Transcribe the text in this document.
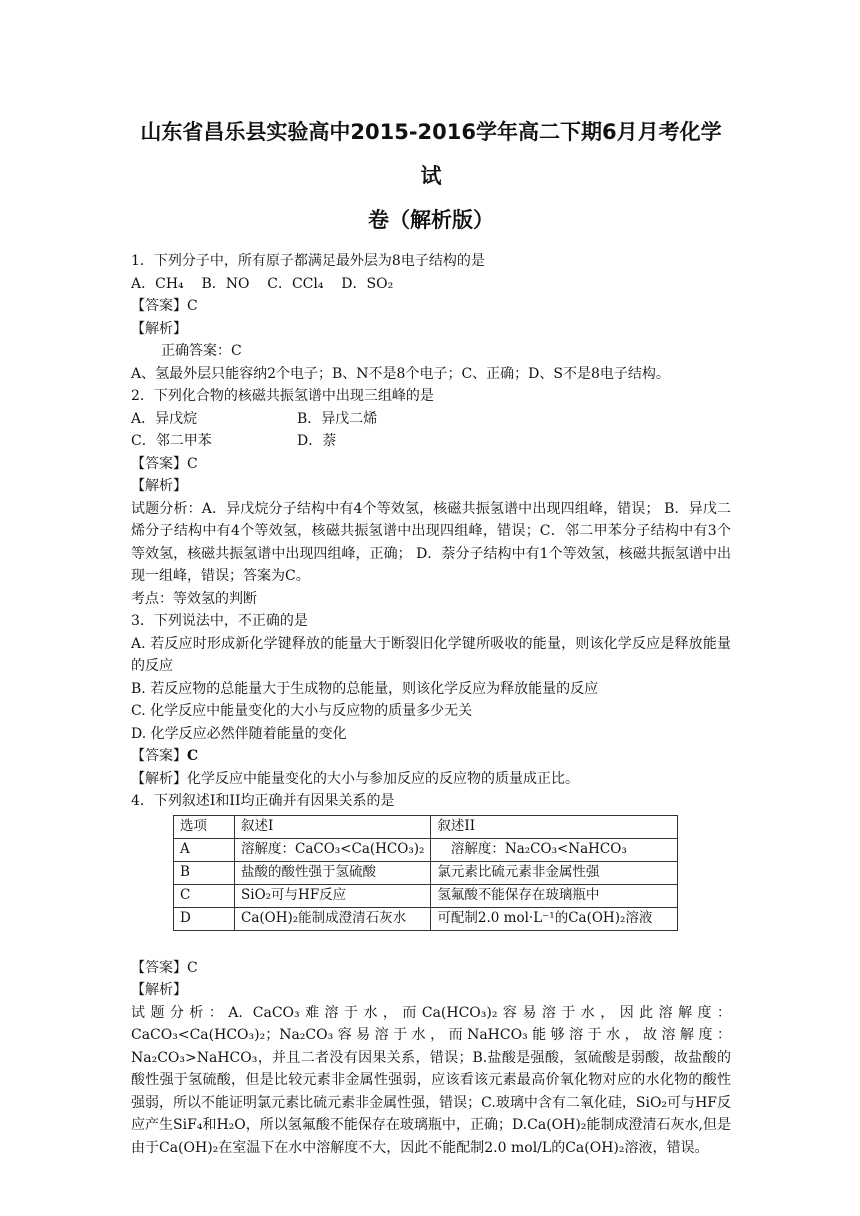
山东省昌乐县实验高中2015-2016学年高二下期6月月考化学试
卷（解析版）
1．下列分子中，所有原子都满足最外层为8电子结构的是
A．CH₄    B．NO    C．CCl₄    D．SO₂
【答案】C
【解析】
正确答案：C
A、氢最外层只能容纳2个电子；B、N不是8个电子；C、正确；D、S不是8电子结构。
2．下列化合物的核磁共振氢谱中出现三组峰的是
A．异戊烷	B．异戊二烯
C．邻二甲苯	D．萘
【答案】C
【解析】
试题分析：A．异戊烷分子结构中有4个等效氢，核磁共振氢谱中出现四组峰，错误； B．异戊二烯分子结构中有4个等效氢，核磁共振氢谱中出现四组峰，错误；C．邻二甲苯分子结构中有3个等效氢，核磁共振氢谱中出现四组峰，正确； D．萘分子结构中有1个等效氢，核磁共振氢谱中出现一组峰，错误；答案为C。
考点：等效氢的判断
3．下列说法中，不正确的是
A. 若反应时形成新化学键释放的能量大于断裂旧化学键所吸收的能量，则该化学反应是释放能量的反应
B. 若反应物的总能量大于生成物的总能量，则该化学反应为释放能量的反应
C. 化学反应中能量变化的大小与反应物的质量多少无关
D. 化学反应必然伴随着能量的变化
【答案】C
【解析】化学反应中能量变化的大小与参加反应的反应物的质量成正比。
4．下列叙述I和II均正确并有因果关系的是
选项	叙述I	叙述II
A	溶解度：CaCO₃<Ca(HCO₃)₂	　溶解度：Na₂CO₃<NaHCO₃
B	盐酸的酸性强于氢硫酸	氯元素比硫元素非金属性强
C	SiO₂可与HF反应	氢氟酸不能保存在玻璃瓶中
D	Ca(OH)₂能制成澄清石灰水	可配制2.0 mol·L⁻¹的Ca(OH)₂溶液
【答案】C
【解析】
试题分析：A. CaCO₃难溶于水，而Ca(HCO₃)₂容易溶于水，因此溶解度：CaCO₃<Ca(HCO₃)₂；Na₂CO₃容易溶于水，而NaHCO₃能够溶于水，故溶解度：Na₂CO₃>NaHCO₃，并且二者没有因果关系，错误；B.盐酸是强酸，氢硫酸是弱酸，故盐酸的酸性强于氢硫酸，但是比较元素非金属性强弱，应该看该元素最高价氧化物对应的水化物的酸性强弱，所以不能证明氯元素比硫元素非金属性强，错误；C.玻璃中含有二氧化硅，SiO₂可与HF反应产生SiF₄和H₂O，所以氢氟酸不能保存在玻璃瓶中，正确；D.Ca(OH)₂能制成澄清石灰水,但是由于Ca(OH)₂在室温下在水中溶解度不大，因此不能配制2.0 mol/L的Ca(OH)₂溶液，错误。
